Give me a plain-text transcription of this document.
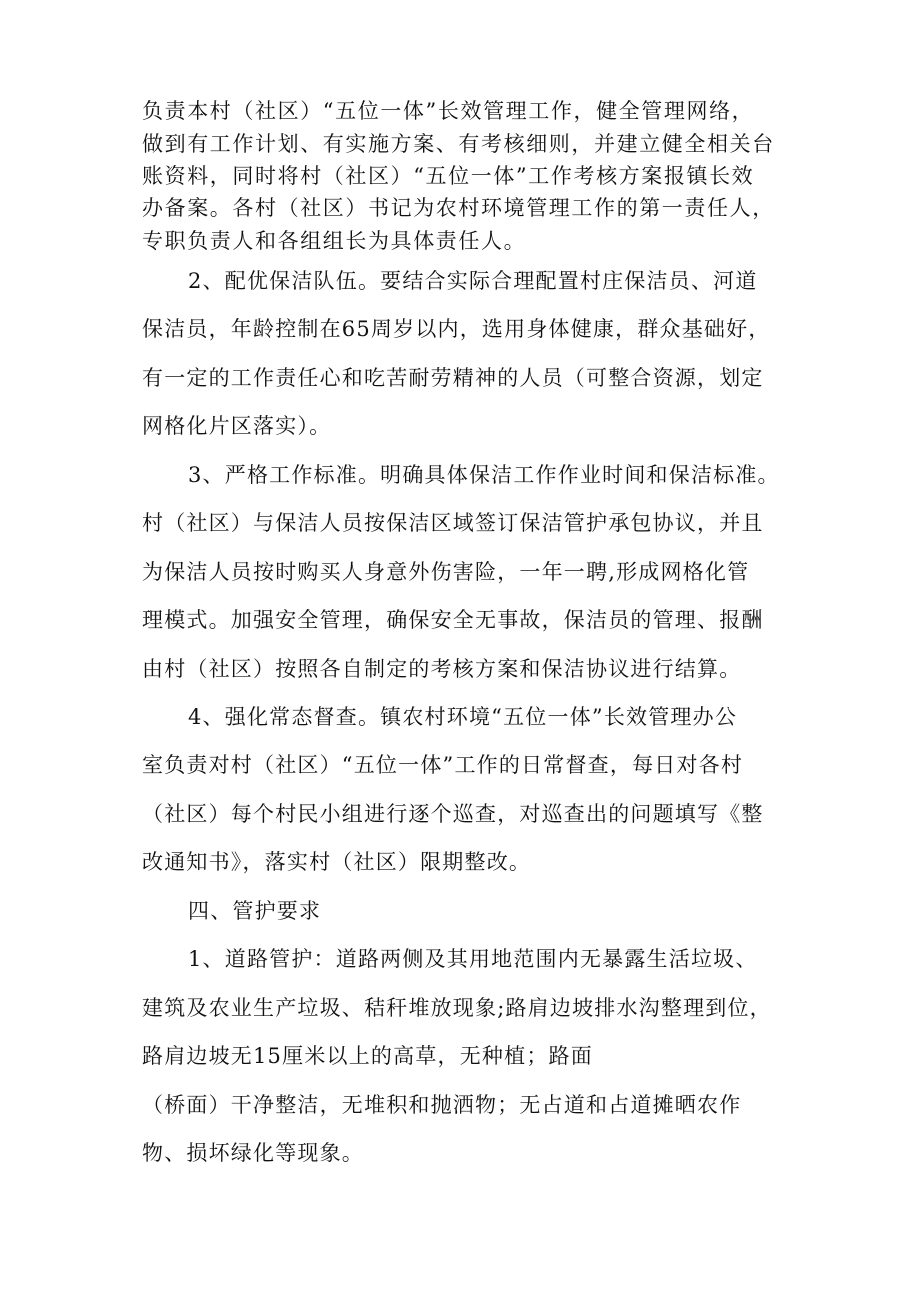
负责本村（社区）“五位一体”长效管理工作，健全管理网络，
做到有工作计划、有实施方案、有考核细则，并建立健全相关台
账资料，同时将村（社区）“五位一体”工作考核方案报镇长效
办备案。各村（社区）书记为农村环境管理工作的第一责任人，
专职负责人和各组组长为具体责任人。
2、配优保洁队伍。要结合实际合理配置村庄保洁员、河道
保洁员，年龄控制在65周岁以内，选用身体健康，群众基础好，
有一定的工作责任心和吃苦耐劳精神的人员（可整合资源，划定
网格化片区落实）。
3、严格工作标准。明确具体保洁工作作业时间和保洁标准。
村（社区）与保洁人员按保洁区域签订保洁管护承包协议，并且
为保洁人员按时购买人身意外伤害险，一年一聘,形成网格化管
理模式。加强安全管理，确保安全无事故，保洁员的管理、报酬
由村（社区）按照各自制定的考核方案和保洁协议进行结算。
4、强化常态督查。镇农村环境“五位一体”长效管理办公
室负责对村（社区）“五位一体”工作的日常督查，每日对各村
（社区）每个村民小组进行逐个巡查，对巡查出的问题填写《整
改通知书》，落实村（社区）限期整改。
四、管护要求
1、道路管护：道路两侧及其用地范围内无暴露生活垃圾、
建筑及农业生产垃圾、秸秆堆放现象;路肩边坡排水沟整理到位，
路肩边坡无15厘米以上的高草，无种植；路面
（桥面）干净整洁，无堆积和抛洒物；无占道和占道摊晒农作
物、损坏绿化等现象。
